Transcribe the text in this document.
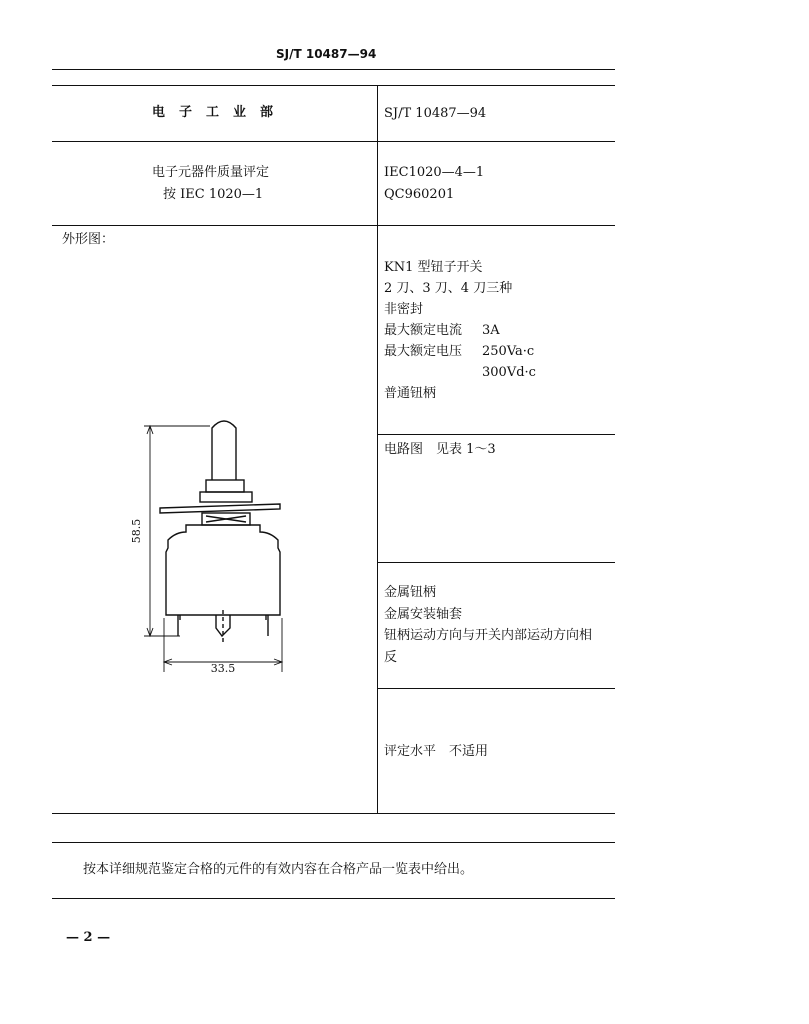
SJ/T 10487—94
电子工业部	SJ/T 10487—94
电子元器件质量评定
按 IEC 1020—1
IEC1020—4—1
QC960201
外形图：
58.5
33.5
KN1 型钮子开关
2 刀、3 刀、4 刀三种
非密封
最大额定电流 3A
最大额定电压 250Va·c
300Vd·c
普通钮柄
电路图　见表 1～3
金属钮柄
金属安装轴套
钮柄运动方向与开关内部运动方向相
反
评定水平　不适用
按本详细规范鉴定合格的元件的有效内容在合格产品一览表中给出。
— 2 —
